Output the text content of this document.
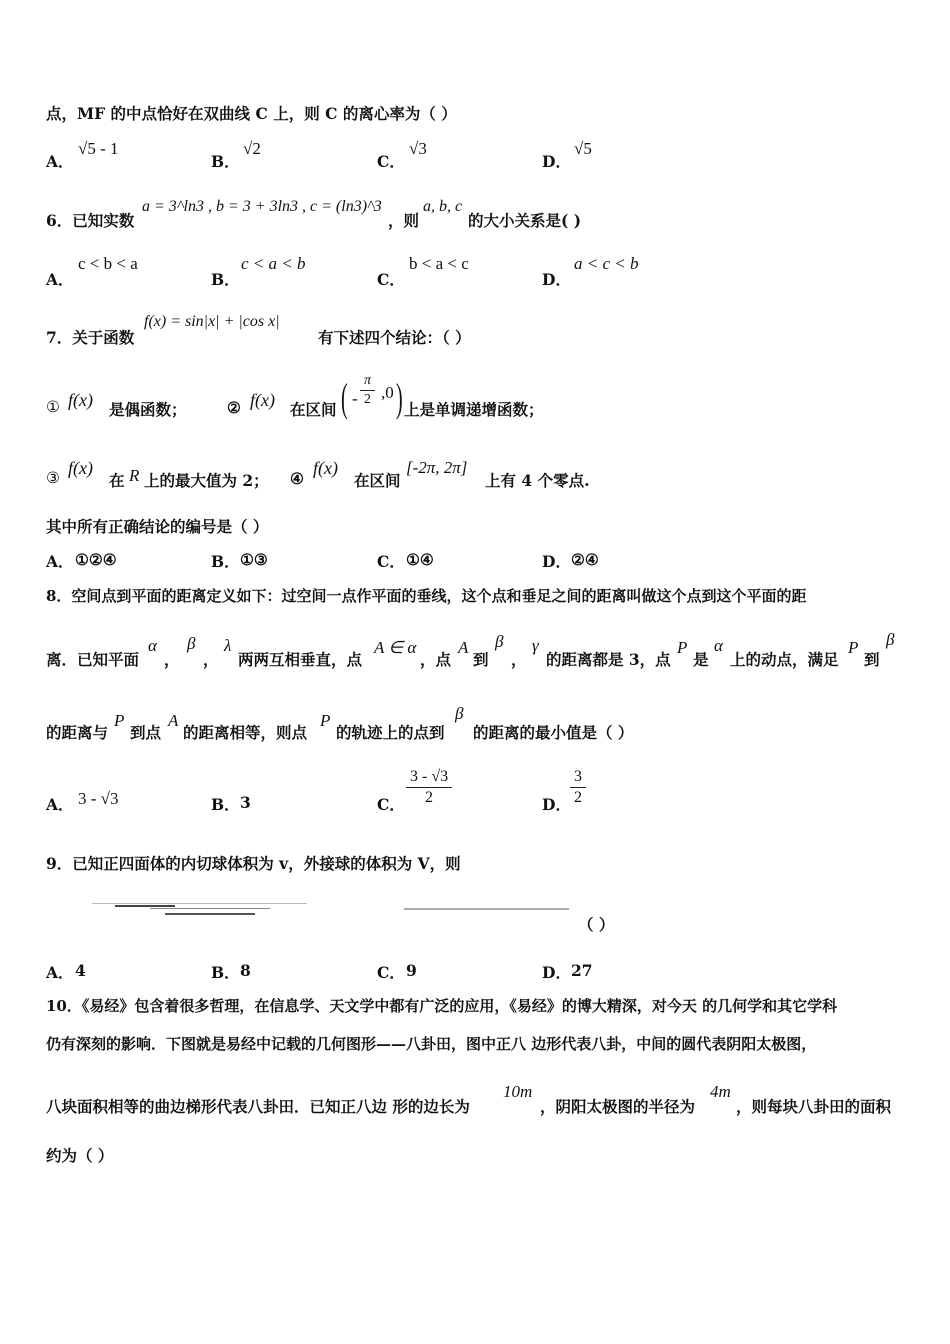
点，MF 的中点恰好在双曲线 C 上，则 C 的离心率为（ ）
A．
√5 - 1
B．
√2
C．
√3
D．
√5
6．已知实数
a = 3^ln3 , b = 3 + 3ln3 , c = (ln3)^3
，则
a, b, c
的大小关系是( )
A．
c < b < a
B．
c < a < b
C．
b < a < c
D．
a < c < b
7．关于函数
f(x) = sin|x| + |cos x|
有下述四个结论：（ ）
① f(x) 是偶函数；	② f(x) 在区间 ( - $\frac{\pi}{2} ,0$ ) 上是单调递增函数；
③ f(x)
在 R 上的最大值为 2； ④
f(x)
在区间
[-2π, 2π]
上有 4 个零点.
其中所有正确结论的编号是（ ）
A． ①②④	B． ①③	C． ①④	D． ②④
8．空间点到平面的距离定义如下：过空间一点作平面的垂线，这个点和垂足之间的距离叫做这个点到这个平面的距
离．已知平面
α
，
β
，
λ
两两互相垂直，点
A ∈ α
，点
A
到
β
，
γ
的距离都是 3，点
P
是
α
上的动点，满足
P
到
β
的距离与
P
到点
A
的距离相等，则点
P
的轨迹上的点到
β
的距离的最小值是（ ）
A． 3 - √3	B． 3	C． $\frac{3 - √3}{2}$	D． $\frac{3}{2}$
9．已知正四面体的内切球体积为 v，外接球的体积为 V，则
（ ）
A． 4	B． 8	C． 9	D． 27
10．《易经》包含着很多哲理，在信息学、天文学中都有广泛的应用，《易经》的博大精深，对今天 的几何学和其它学科
仍有深刻的影响．下图就是易经中记载的几何图形——八卦田，图中正八 边形代表八卦，中间的圆代表阴阳太极图，
八块面积相等的曲边梯形代表八卦田．已知正八边 形的边长为
10m
，阴阳太极图的半径为
4m
，则每块八卦田的面积
约为（ ）
